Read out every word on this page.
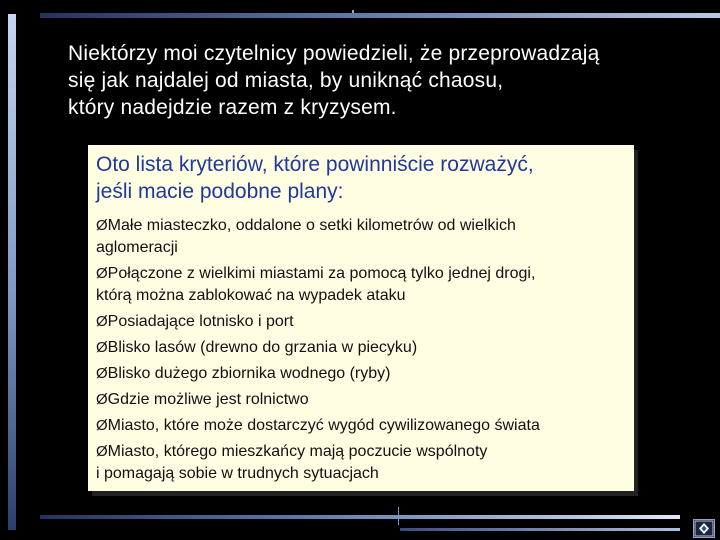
Niektórzy moi czytelnicy powiedzieli, że przeprowadzają
się jak najdalej od miasta, by uniknąć chaosu,
który nadejdzie razem z kryzysem.
Oto lista kryteriów, które powinniście rozważyć,
jeśli macie podobne plany:
ØMałe miasteczko, oddalone o setki kilometrów od wielkich
aglomeracji
ØPołączone z wielkimi miastami za pomocą tylko jednej drogi,
którą można zablokować na wypadek ataku
ØPosiadające lotnisko i port
ØBlisko lasów (drewno do grzania w piecyku)
ØBlisko dużego zbiornika wodnego (ryby)
ØGdzie możliwe jest rolnictwo
ØMiasto, które może dostarczyć wygód cywilizowanego świata
ØMiasto, którego mieszkańcy mają poczucie wspólnoty
i pomagają sobie w trudnych sytuacjach
